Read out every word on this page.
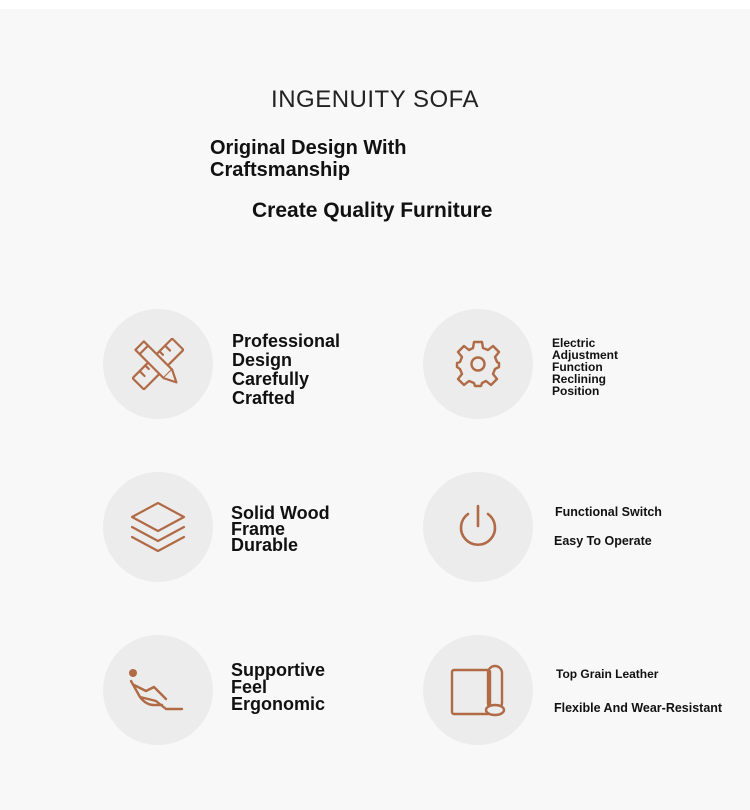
INGENUITY SOFA
Original Design With
Craftsmanship
Create Quality Furniture
Professional
Design
Carefully
Crafted
Electric
Adjustment
Function
Reclining
Position
Solid Wood
Frame
Durable
Functional Switch
Easy To Operate
Supportive
Feel
Ergonomic
Top Grain Leather
Flexible And Wear-Resistant
